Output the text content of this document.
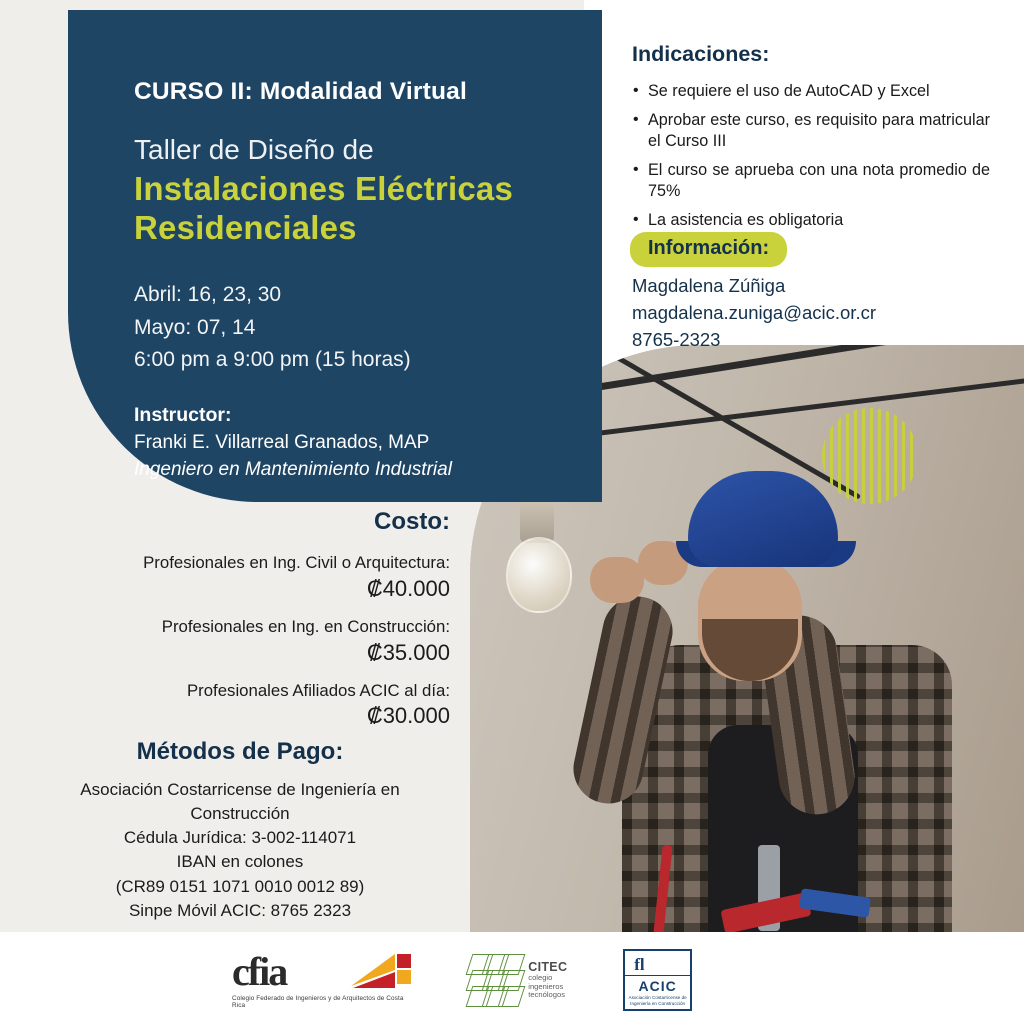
CURSO II: Modalidad Virtual
Taller de Diseño de
Instalaciones Eléctricas
Residenciales
Abril: 16, 23, 30
Mayo: 07, 14
6:00 pm a 9:00 pm (15 horas)
Instructor:
Franki E. Villarreal Granados, MAP
Ingeniero en Mantenimiento Industrial
Indicaciones:
• Se requiere el uso de AutoCAD y Excel
• Aprobar este curso, es requisito para matricular el Curso III
• El curso se aprueba con una nota promedio de 75%
• La asistencia es obligatoria
Información:
Magdalena Zúñiga
magdalena.zuniga@acic.or.cr
8765-2323
Costo:
Profesionales en Ing. Civil o Arquitectura:
₡40.000
Profesionales en Ing. en Construcción:
₡35.000
Profesionales Afiliados ACIC al día:
₡30.000
Métodos de Pago:

Asociación Costarricense de Ingeniería en Construcción

Cédula Jurídica: 3-002-114071

IBAN en colones

(CR89 0151 1071 0010 0012 89)

Sinpe Móvil ACIC: 8765 2323

cfia
Colegio Federado de Ingenieros y de Arquitectos de Costa Rica
CITEC
colegio
ingenieros
tecnólogos
fl
ACIC
Asociación Costarricense de Ingeniería en Construcción
